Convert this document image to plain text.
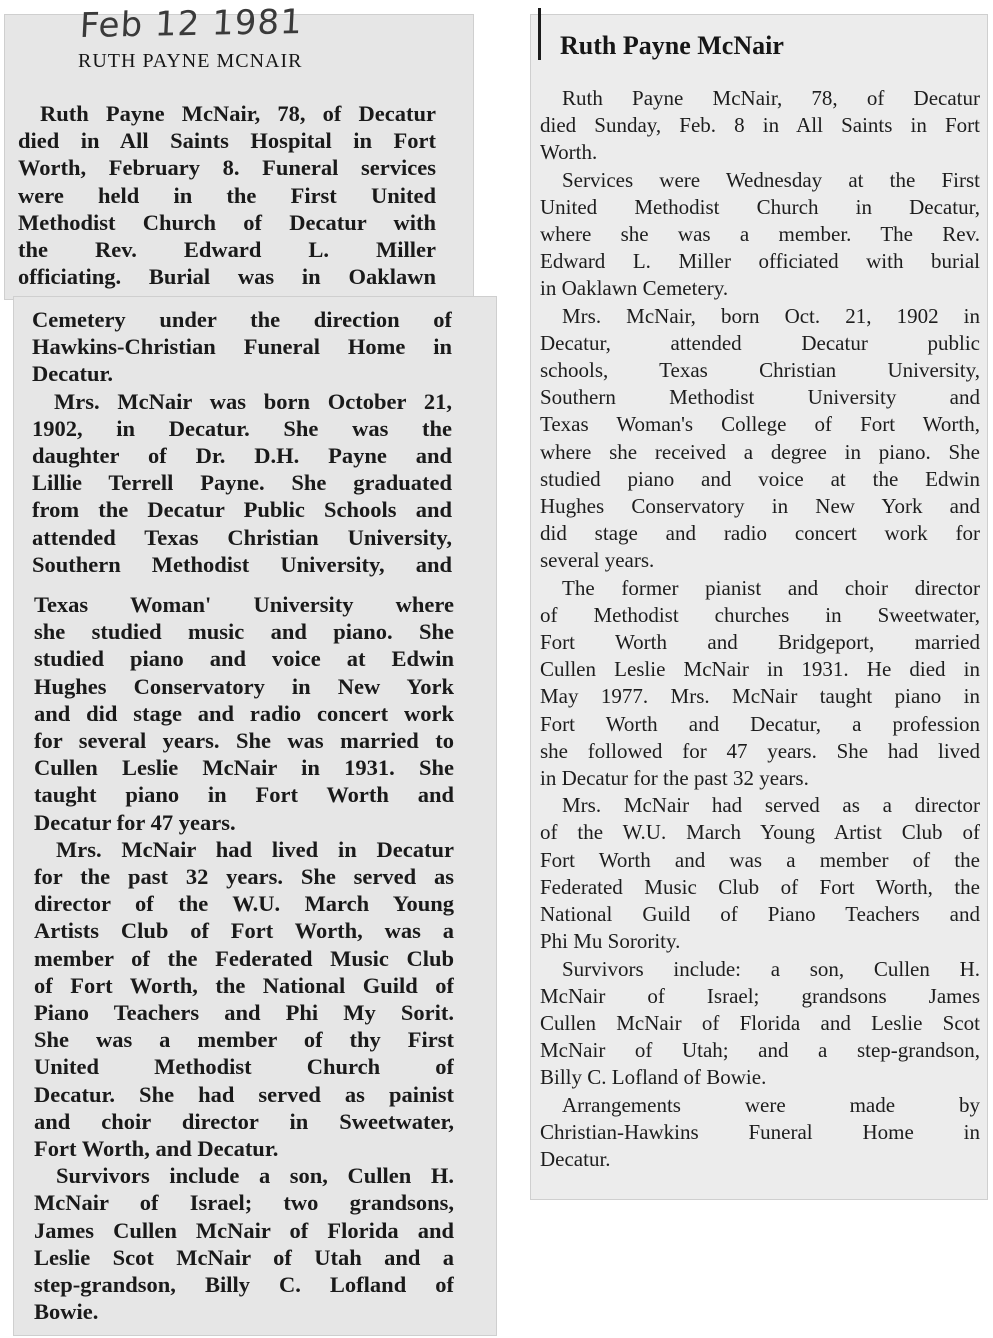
Feb 12 1981
RUTH PAYNE MCNAIR
Ruth Payne McNair
Ruth Payne McNair, 78, of Decatur
died in All Saints Hospital in Fort
Worth, February 8. Funeral services
were held in the First United
Methodist Church of Decatur with
the Rev. Edward L. Miller
officiating. Burial was in Oaklawn
Cemetery under the direction of
Hawkins-Christian Funeral Home in
Decatur.
Mrs. McNair was born October 21,
1902, in Decatur. She was the
daughter of Dr. D.H. Payne and
Lillie Terrell Payne. She graduated
from the Decatur Public Schools and
attended Texas Christian University,
Southern Methodist University, and
Texas Woman' University where
she studied music and piano. She
studied piano and voice at Edwin
Hughes Conservatory in New York
and did stage and radio concert work
for several years. She was married to
Cullen Leslie McNair in 1931. She
taught piano in Fort Worth and
Decatur for 47 years.
Mrs. McNair had lived in Decatur
for the past 32 years. She served as
director of the W.U. March Young
Artists Club of Fort Worth, was a
member of the Federated Music Club
of Fort Worth, the National Guild of
Piano Teachers and Phi My Sorit.
She was a member of thy First
United Methodist Church of
Decatur. She had served as painist
and choir director in Sweetwater,
Fort Worth, and Decatur.
Survivors include a son, Cullen H.
McNair of Israel; two grandsons,
James Cullen McNair of Florida and
Leslie Scot McNair of Utah and a
step-grandson, Billy C. Lofland of
Bowie.
Ruth Payne McNair, 78, of Decatur
died Sunday, Feb. 8 in All Saints in Fort
Worth.
Services were Wednesday at the First
United Methodist Church in Decatur,
where she was a member. The Rev.
Edward L. Miller officiated with burial
in Oaklawn Cemetery.
Mrs. McNair, born Oct. 21, 1902 in
Decatur, attended Decatur public
schools, Texas Christian University,
Southern Methodist University and
Texas Woman's College of Fort Worth,
where she received a degree in piano. She
studied piano and voice at the Edwin
Hughes Conservatory in New York and
did stage and radio concert work for
several years.
The former pianist and choir director
of Methodist churches in Sweetwater,
Fort Worth and Bridgeport, married
Cullen Leslie McNair in 1931. He died in
May 1977. Mrs. McNair taught piano in
Fort Worth and Decatur, a profession
she followed for 47 years. She had lived
in Decatur for the past 32 years.
Mrs. McNair had served as a director
of the W.U. March Young Artist Club of
Fort Worth and was a member of the
Federated Music Club of Fort Worth, the
National Guild of Piano Teachers and
Phi Mu Sorority.
Survivors include: a son, Cullen H.
McNair of Israel; grandsons James
Cullen McNair of Florida and Leslie Scot
McNair of Utah; and a step-grandson,
Billy C. Lofland of Bowie.
Arrangements were made by
Christian-Hawkins Funeral Home in
Decatur.
